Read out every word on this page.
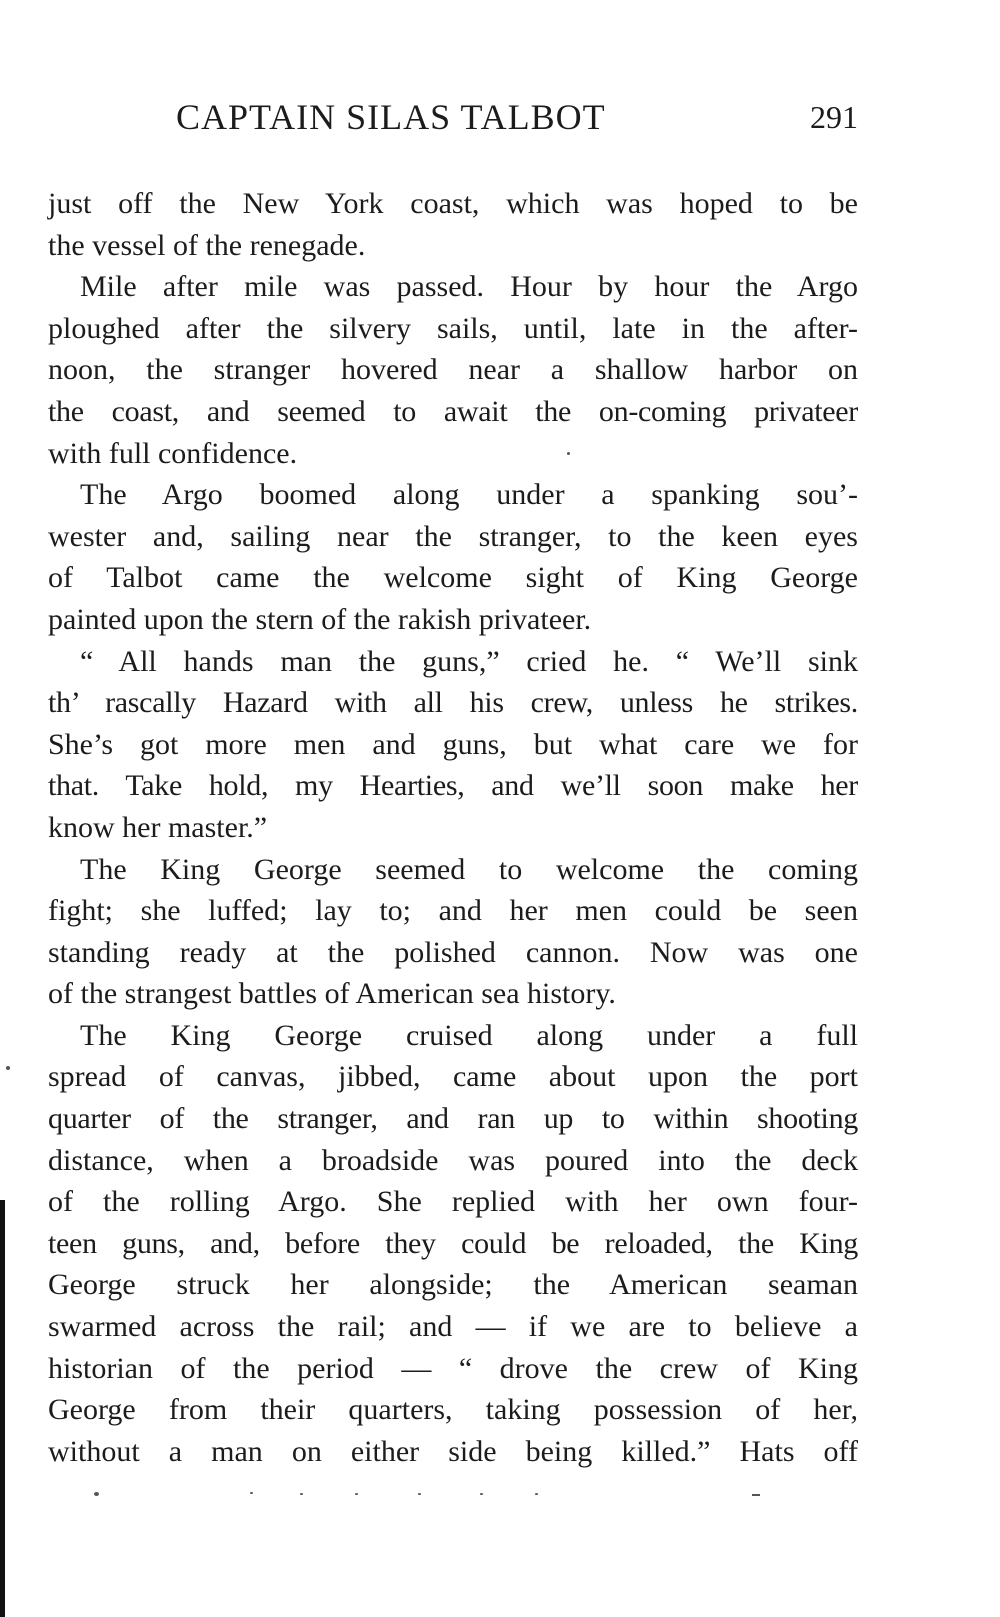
CAPTAIN SILAS TALBOT	291
just off the New York coast, which was hoped to be
the vessel of the renegade.
Mile after mile was passed. Hour by hour the Argo
ploughed after the silvery sails, until, late in the after-
noon, the stranger hovered near a shallow harbor on
the coast, and seemed to await the on-coming privateer
with full confidence.
The Argo boomed along under a spanking sou’-
wester and, sailing near the stranger, to the keen eyes
of Talbot came the welcome sight of King George
painted upon the stern of the rakish privateer.
“ All hands man the guns,” cried he. “ We’ll sink
th’ rascally Hazard with all his crew, unless he strikes.
She’s got more men and guns, but what care we for
that. Take hold, my Hearties, and we’ll soon make her
know her master.”
The King George seemed to welcome the coming
fight; she luffed; lay to; and her men could be seen
standing ready at the polished cannon. Now was one
of the strangest battles of American sea history.
The King George cruised along under a full
spread of canvas, jibbed, came about upon the port
quarter of the stranger, and ran up to within shooting
distance, when a broadside was poured into the deck
of the rolling Argo. She replied with her own four-
teen guns, and, before they could be reloaded, the King
George struck her alongside; the American seaman
swarmed across the rail; and — if we are to believe a
historian of the period — “ drove the crew of King
George from their quarters, taking possession of her,
without a man on either side being killed.” Hats off
